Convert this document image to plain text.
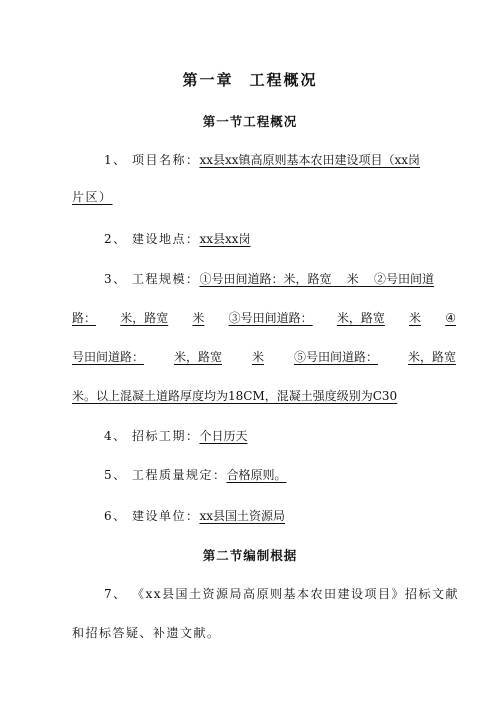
第一章 工程概况
第一节工程概况

1、 项目名称：xx县xx镇高原则基本农田建设项目（xx岗

片区）

2、 建设地点：xx县xx岗

3、 工程规模：①号田间道路：米，路宽 米 ②号田间道

路： 米，路宽 米 ③号田间道路： 米，路宽 米 ④
号田间道路： 米，路宽 米 ⑤号田间道路： 米，路宽

米。以上混凝土道路厚度均为18CM，混凝土强度级别为C30

4、 招标工期：个日历天

5、 工程质量规定：合格原则。

6、 建设单位：xx县国土资源局

第二节编制根据

7、 《xx县国土资源局高原则基本农田建设项目》招标文献

和招标答疑、补遗文献。
